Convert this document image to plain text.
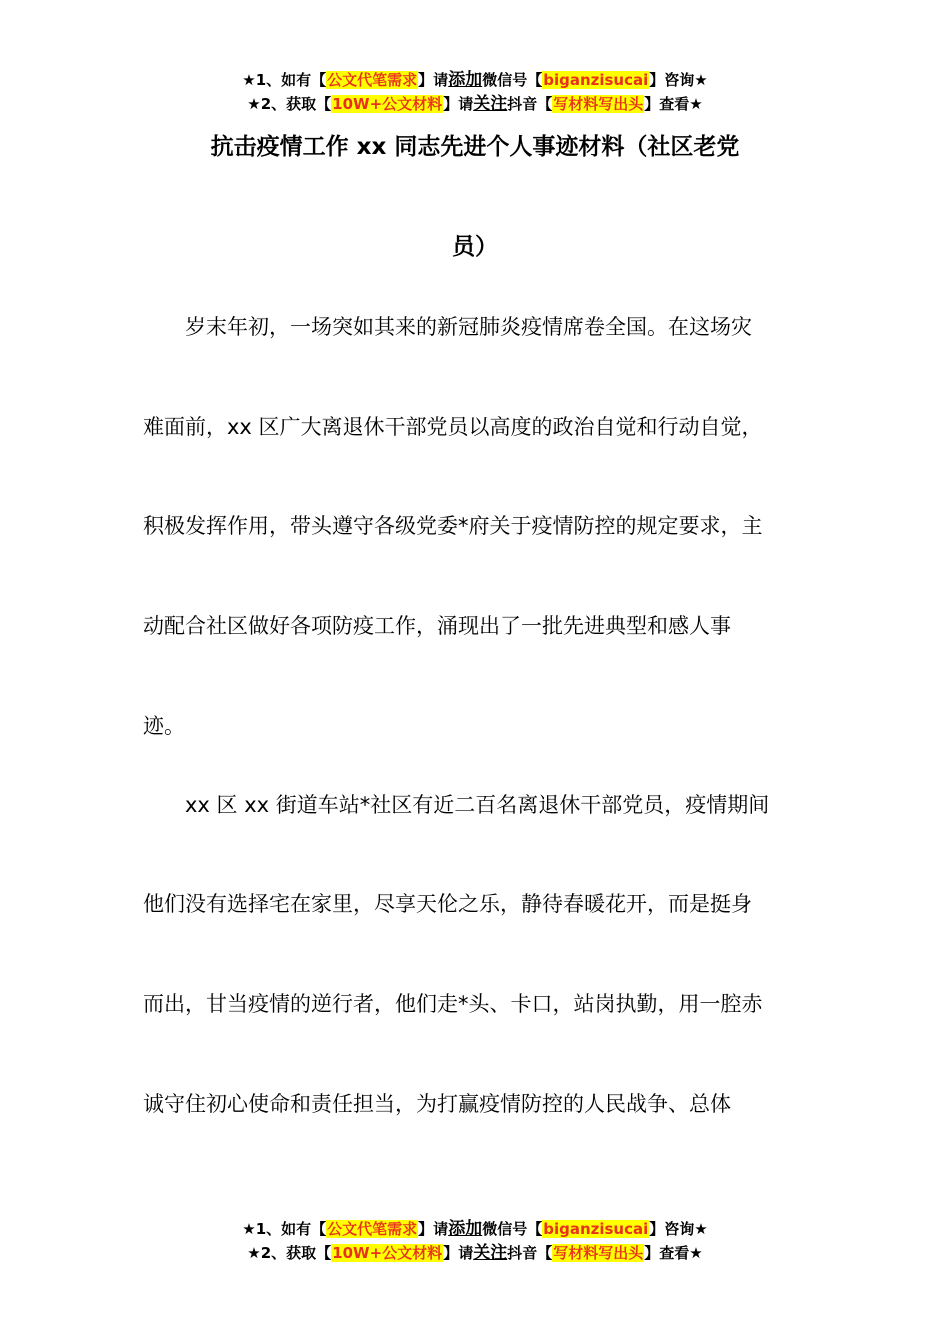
★1、如有【公文代笔需求】请添加微信号【biganzisucai】咨询★
★2、获取【10W+公文材料】请关注抖音【写材料写出头】查看★
抗击疫情工作 xx 同志先进个人事迹材料（社区老党
员）
　　岁末年初，一场突如其来的新冠肺炎疫情席卷全国。在这场灾
难面前，xx 区广大离退休干部党员以高度的政治自觉和行动自觉，
积极发挥作用，带头遵守各级党委*府关于疫情防控的规定要求，主
动配合社区做好各项防疫工作，涌现出了一批先进典型和感人事
迹。
　　xx 区 xx 街道车站*社区有近二百名离退休干部党员，疫情期间
他们没有选择宅在家里，尽享天伦之乐，静待春暖花开，而是挺身
而出，甘当疫情的逆行者，他们走*头、卡口，站岗执勤，用一腔赤
诚守住初心使命和责任担当，为打赢疫情防控的人民战争、总体
★1、如有【公文代笔需求】请添加微信号【biganzisucai】咨询★
★2、获取【10W+公文材料】请关注抖音【写材料写出头】查看★
